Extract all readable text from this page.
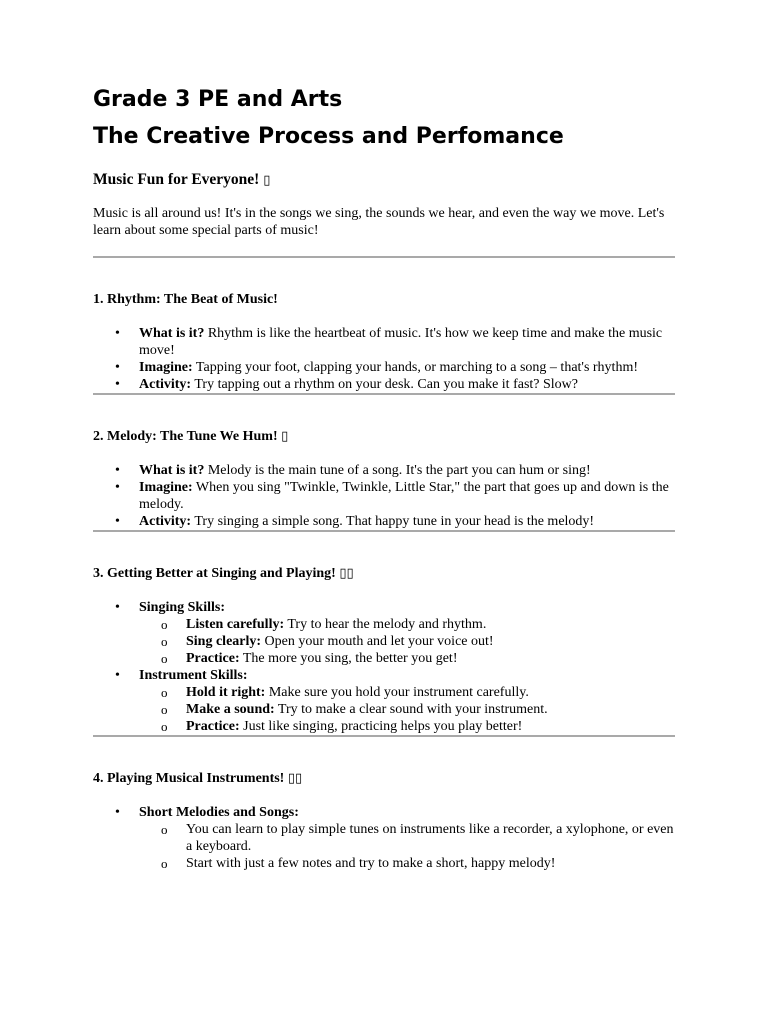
Grade 3 PE and Arts
The Creative Process and Perfomance

Music Fun for Everyone! ▯

Music is all around us! It's in the songs we sing, the sounds we hear, and even the way we move. Let's learn about some special parts of music!

1. Rhythm: The Beat of Music!

• What is it? Rhythm is like the heartbeat of music. It's how we keep time and make the music move!
• Imagine: Tapping your foot, clapping your hands, or marching to a song – that's rhythm!
• Activity: Try tapping out a rhythm on your desk. Can you make it fast? Slow?

2. Melody: The Tune We Hum! ▯

• What is it? Melody is the main tune of a song. It's the part you can hum or sing!
• Imagine: When you sing "Twinkle, Twinkle, Little Star," the part that goes up and down is the melody.
• Activity: Try singing a simple song. That happy tune in your head is the melody!

3. Getting Better at Singing and Playing! ▯▯

• Singing Skills:
o Listen carefully: Try to hear the melody and rhythm.
o Sing clearly: Open your mouth and let your voice out!
o Practice: The more you sing, the better you get!
• Instrument Skills:
o Hold it right: Make sure you hold your instrument carefully.
o Make a sound: Try to make a clear sound with your instrument.
o Practice: Just like singing, practicing helps you play better!

4. Playing Musical Instruments! ▯▯

• Short Melodies and Songs:
o You can learn to play simple tunes on instruments like a recorder, a xylophone, or even a keyboard.
o Start with just a few notes and try to make a short, happy melody!
